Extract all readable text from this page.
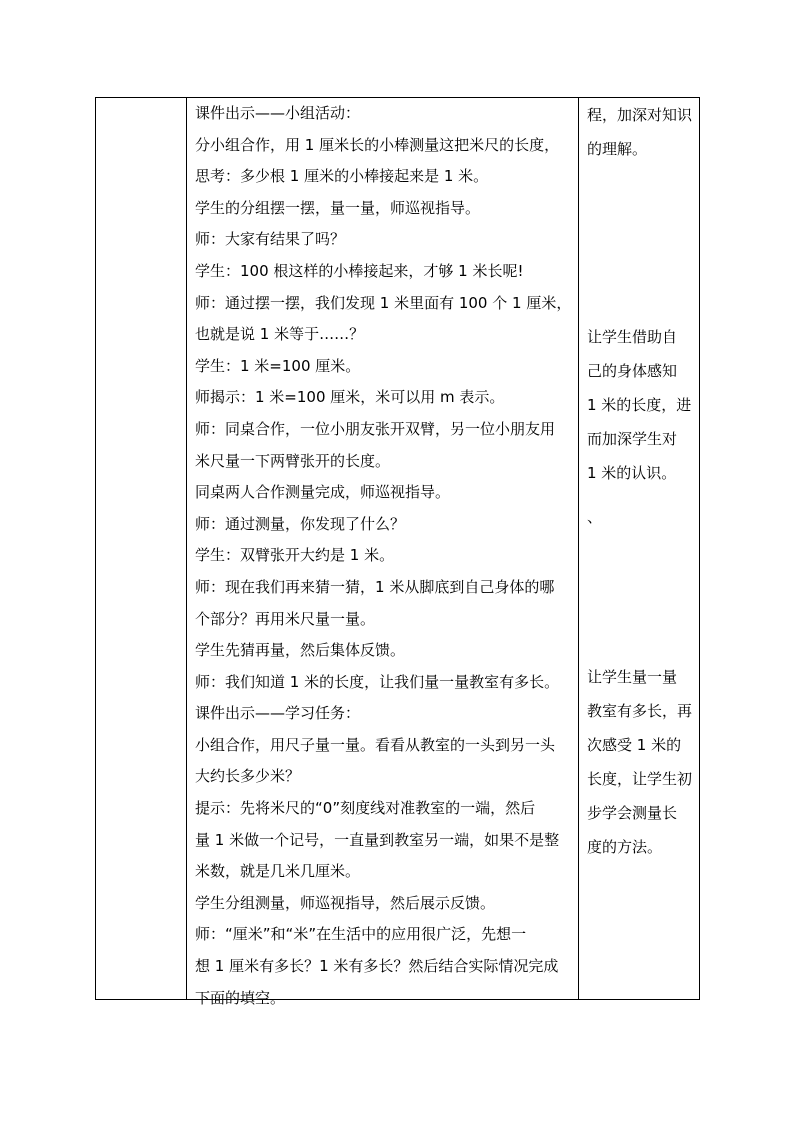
课件出示——小组活动：
分小组合作，用 1 厘米长的小棒测量这把米尺的长度，
思考：多少根 1 厘米的小棒接起来是 1 米。
学生的分组摆一摆，量一量，师巡视指导。
师：大家有结果了吗？
学生：100 根这样的小棒接起来，才够 1 米长呢!
师：通过摆一摆，我们发现 1 米里面有 100 个 1 厘米，
也就是说 1 米等于……？
学生：1 米=100 厘米。
师揭示：1 米=100 厘米，米可以用 m 表示。
师：同桌合作，一位小朋友张开双臂，另一位小朋友用
米尺量一下两臂张开的长度。
同桌两人合作测量完成，师巡视指导。
师：通过测量，你发现了什么？
学生：双臂张开大约是 1 米。
师：现在我们再来猜一猜，1 米从脚底到自己身体的哪
个部分？再用米尺量一量。
学生先猜再量，然后集体反馈。
师：我们知道 1 米的长度，让我们量一量教室有多长。
课件出示——学习任务：
小组合作，用尺子量一量。看看从教室的一头到另一头
大约长多少米？
提示：先将米尺的“0”刻度线对准教室的一端，然后
量 1 米做一个记号，一直量到教室另一端，如果不是整
米数，就是几米几厘米。
学生分组测量，师巡视指导，然后展示反馈。
师：“厘米”和“米”在生活中的应用很广泛，先想一
想 1 厘米有多长？1 米有多长？然后结合实际情况完成
下面的填空。
程，加深对知识
的理解。
让学生借助自
己的身体感知
1 米的长度，进
而加深学生对
1 米的认识。
、
让学生量一量
教室有多长，再
次感受 1 米的
长度，让学生初
步学会测量长
度的方法。
